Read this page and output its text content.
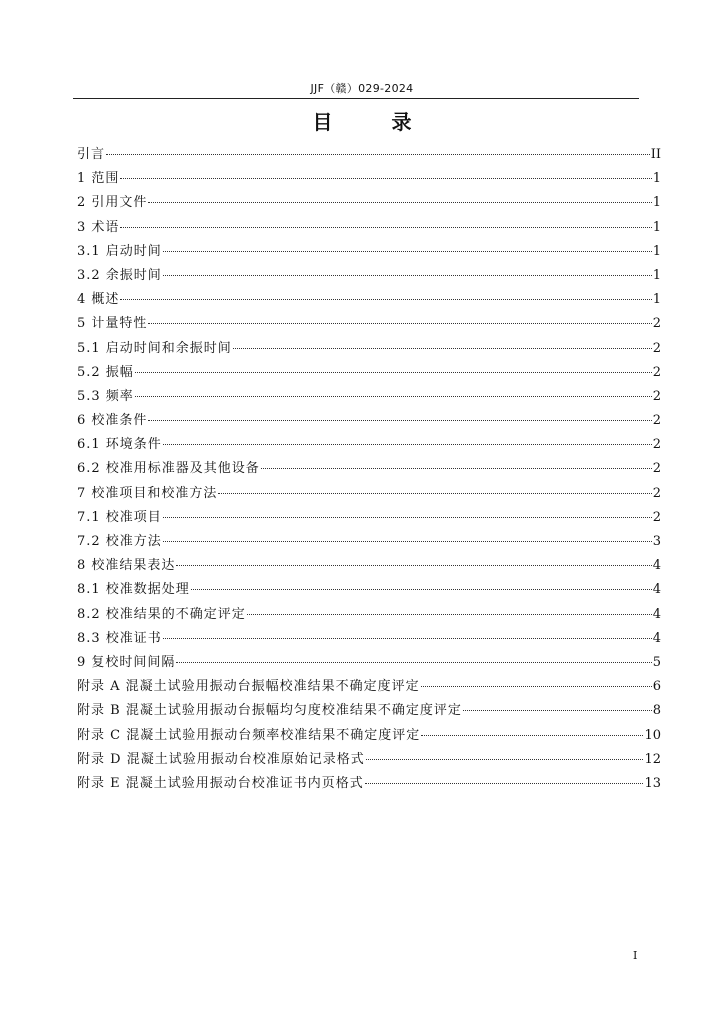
JJF（赣）029-2024
目 录
引言	II
1 范围	1
2 引用文件	1
3 术语	1
3.1 启动时间	1
3.2 余振时间	1
4 概述	1
5 计量特性	2
5.1 启动时间和余振时间	2
5.2 振幅	2
5.3 频率	2
6 校准条件	2
6.1 环境条件	2
6.2 校准用标准器及其他设备	2
7 校准项目和校准方法	2
7.1 校准项目	2
7.2 校准方法	3
8 校准结果表达	4
8.1 校准数据处理	4
8.2 校准结果的不确定评定	4
8.3 校准证书	4
9 复校时间间隔	5
附录 A 混凝土试验用振动台振幅校准结果不确定度评定	6
附录 B 混凝土试验用振动台振幅均匀度校准结果不确定度评定	8
附录 C 混凝土试验用振动台频率校准结果不确定度评定	10
附录 D 混凝土试验用振动台校准原始记录格式	12
附录 E 混凝土试验用振动台校准证书内页格式	13
I
